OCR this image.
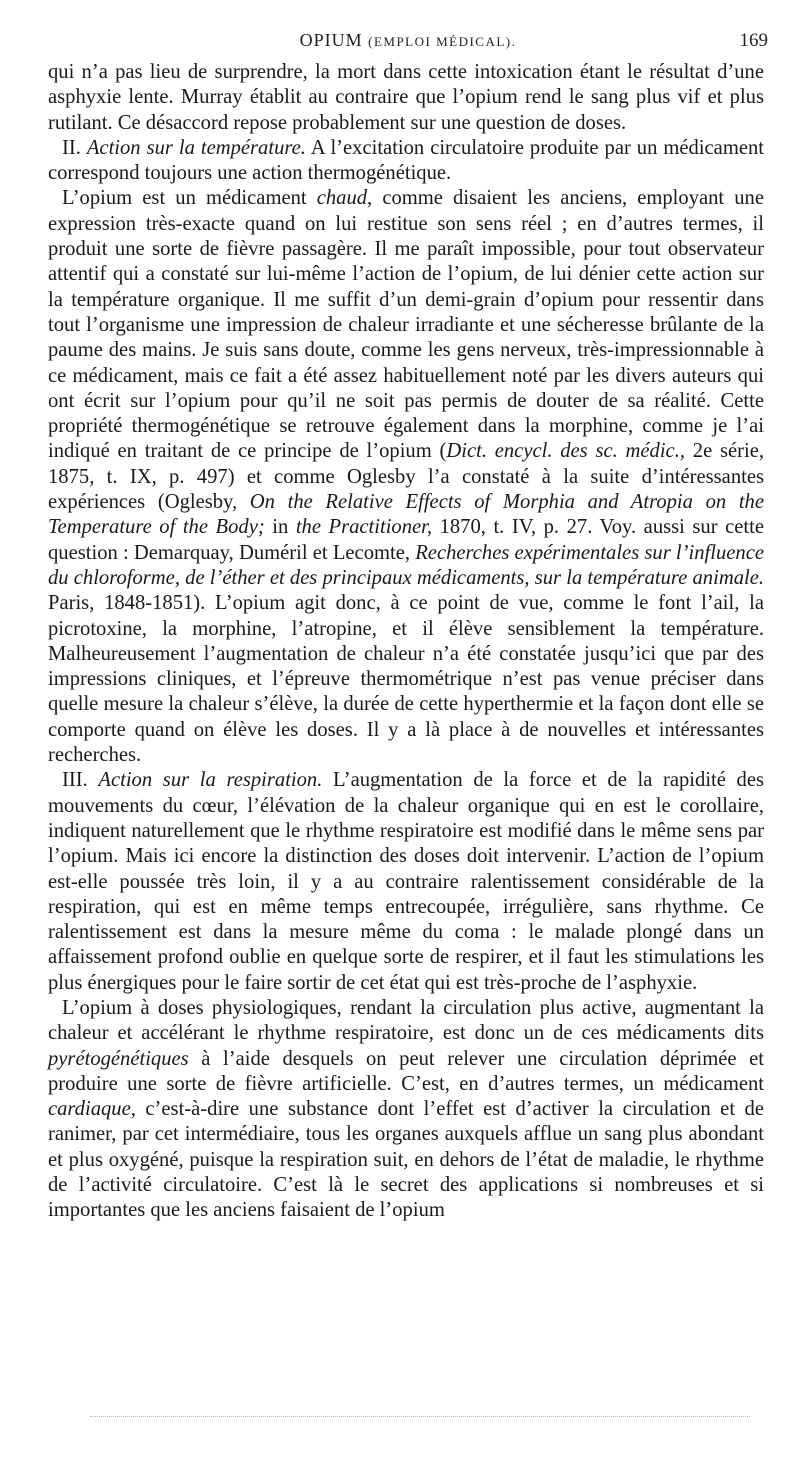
OPIUM (EMPLOI MÉDICAL).	169

qui n’a pas lieu de surprendre, la mort dans cette intoxication étant le résultat d’une asphyxie lente. Murray établit au contraire que l’opium rend le sang plus vif et plus rutilant. Ce désaccord repose probablement sur une question de doses.

II. Action sur la température. A l’excitation circulatoire produite par un médicament correspond toujours une action thermogénétique.

L’opium est un médicament chaud, comme disaient les anciens, employant une expression très-exacte quand on lui restitue son sens réel ; en d’autres termes, il produit une sorte de fièvre passagère. Il me paraît impossible, pour tout observateur attentif qui a constaté sur lui-même l’action de l’opium, de lui dénier cette action sur la température organique. Il me suffit d’un demi-grain d’opium pour ressentir dans tout l’organisme une impression de chaleur irradiante et une sécheresse brûlante de la paume des mains. Je suis sans doute, comme les gens nerveux, très-impressionnable à ce médicament, mais ce fait a été assez habituellement noté par les divers auteurs qui ont écrit sur l’opium pour qu’il ne soit pas permis de douter de sa réalité. Cette propriété thermogénétique se retrouve également dans la morphine, comme je l’ai indiqué en traitant de ce principe de l’opium (Dict. encycl. des sc. médic., 2e série, 1875, t. IX, p. 497) et comme Oglesby l’a constaté à la suite d’intéressantes expériences (Oglesby, On the Relative Effects of Morphia and Atropia on the Temperature of the Body; in the Practitioner, 1870, t. IV, p. 27. Voy. aussi sur cette question : Demarquay, Duméril et Lecomte, Recherches expérimentales sur l’influence du chloroforme, de l’éther et des principaux médicaments, sur la température animale. Paris, 1848-1851). L’opium agit donc, à ce point de vue, comme le font l’ail, la picrotoxine, la morphine, l’atropine, et il élève sensiblement la température. Malheureusement l’augmentation de chaleur n’a été constatée jusqu’ici que par des impressions cliniques, et l’épreuve thermométrique n’est pas venue préciser dans quelle mesure la chaleur s’élève, la durée de cette hyperthermie et la façon dont elle se comporte quand on élève les doses. Il y a là place à de nouvelles et intéressantes recherches.

III. Action sur la respiration. L’augmentation de la force et de la rapidité des mouvements du cœur, l’élévation de la chaleur organique qui en est le corollaire, indiquent naturellement que le rhythme respiratoire est modifié dans le même sens par l’opium. Mais ici encore la distinction des doses doit intervenir. L’action de l’opium est-elle poussée très loin, il y a au contraire ralentissement considérable de la respiration, qui est en même temps entrecoupée, irrégulière, sans rhythme. Ce ralentissement est dans la mesure même du coma : le malade plongé dans un affaissement profond oublie en quelque sorte de respirer, et il faut les stimulations les plus énergiques pour le faire sortir de cet état qui est très-proche de l’asphyxie.

L’opium à doses physiologiques, rendant la circulation plus active, augmentant la chaleur et accélérant le rhythme respiratoire, est donc un de ces médicaments dits pyrétogénétiques à l’aide desquels on peut relever une circulation déprimée et produire une sorte de fièvre artificielle. C’est, en d’autres termes, un médicament cardiaque, c’est-à-dire une substance dont l’effet est d’activer la circulation et de ranimer, par cet intermédiaire, tous les organes auxquels afflue un sang plus abondant et plus oxygéné, puisque la respiration suit, en dehors de l’état de maladie, le rhythme de l’activité circulatoire. C’est là le secret des applications si nombreuses et si importantes que les anciens faisaient de l’opium
